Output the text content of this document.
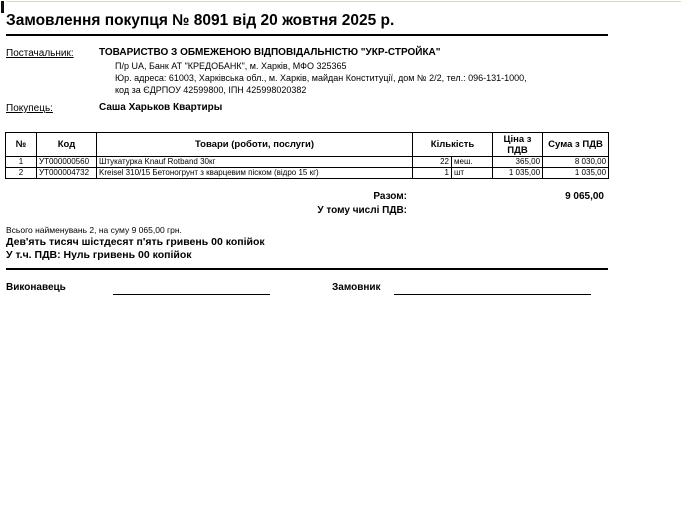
Замовлення покупця № 8091 від 20 жовтня 2025 р.
Постачальник:	ТОВАРИСТВО З ОБМЕЖЕНОЮ ВІДПОВІДАЛЬНІСТЮ "УКР-СТРОЙКА"
П/р UA, Банк АТ "КРЕДОБАНК", м. Харків, МФО 325365
Юр. адреса: 61003, Харківська обл., м. Харків, майдан Конституції, дом № 2/2, тел.: 096-131-1000,
код за ЄДРПОУ 42599800, ІПН 425998020382
Покупець:	Саша Харьков Квартиры
№	Код	Товари (роботи, послуги)	Кількість		Ціна з ПДВ	Сума з ПДВ
1	УТ000000560	Штукатурка Knauf Rotband 30кг	22	меш.	365,00	8 030,00
2	УТ000004732	Kreisel 310/15 Бетоногрунт з кварцевим піском (відро 15 кг)	1	шт	1 035,00	1 035,00
Разом:	9 065,00
У тому числі ПДВ:
Всього найменувань 2, на суму 9 065,00 грн.
Дев'ять тисяч шістдесят п'ять гривень 00 копійок
У т.ч. ПДВ: Нуль гривень 00 копійок
Виконавець	Замовник
